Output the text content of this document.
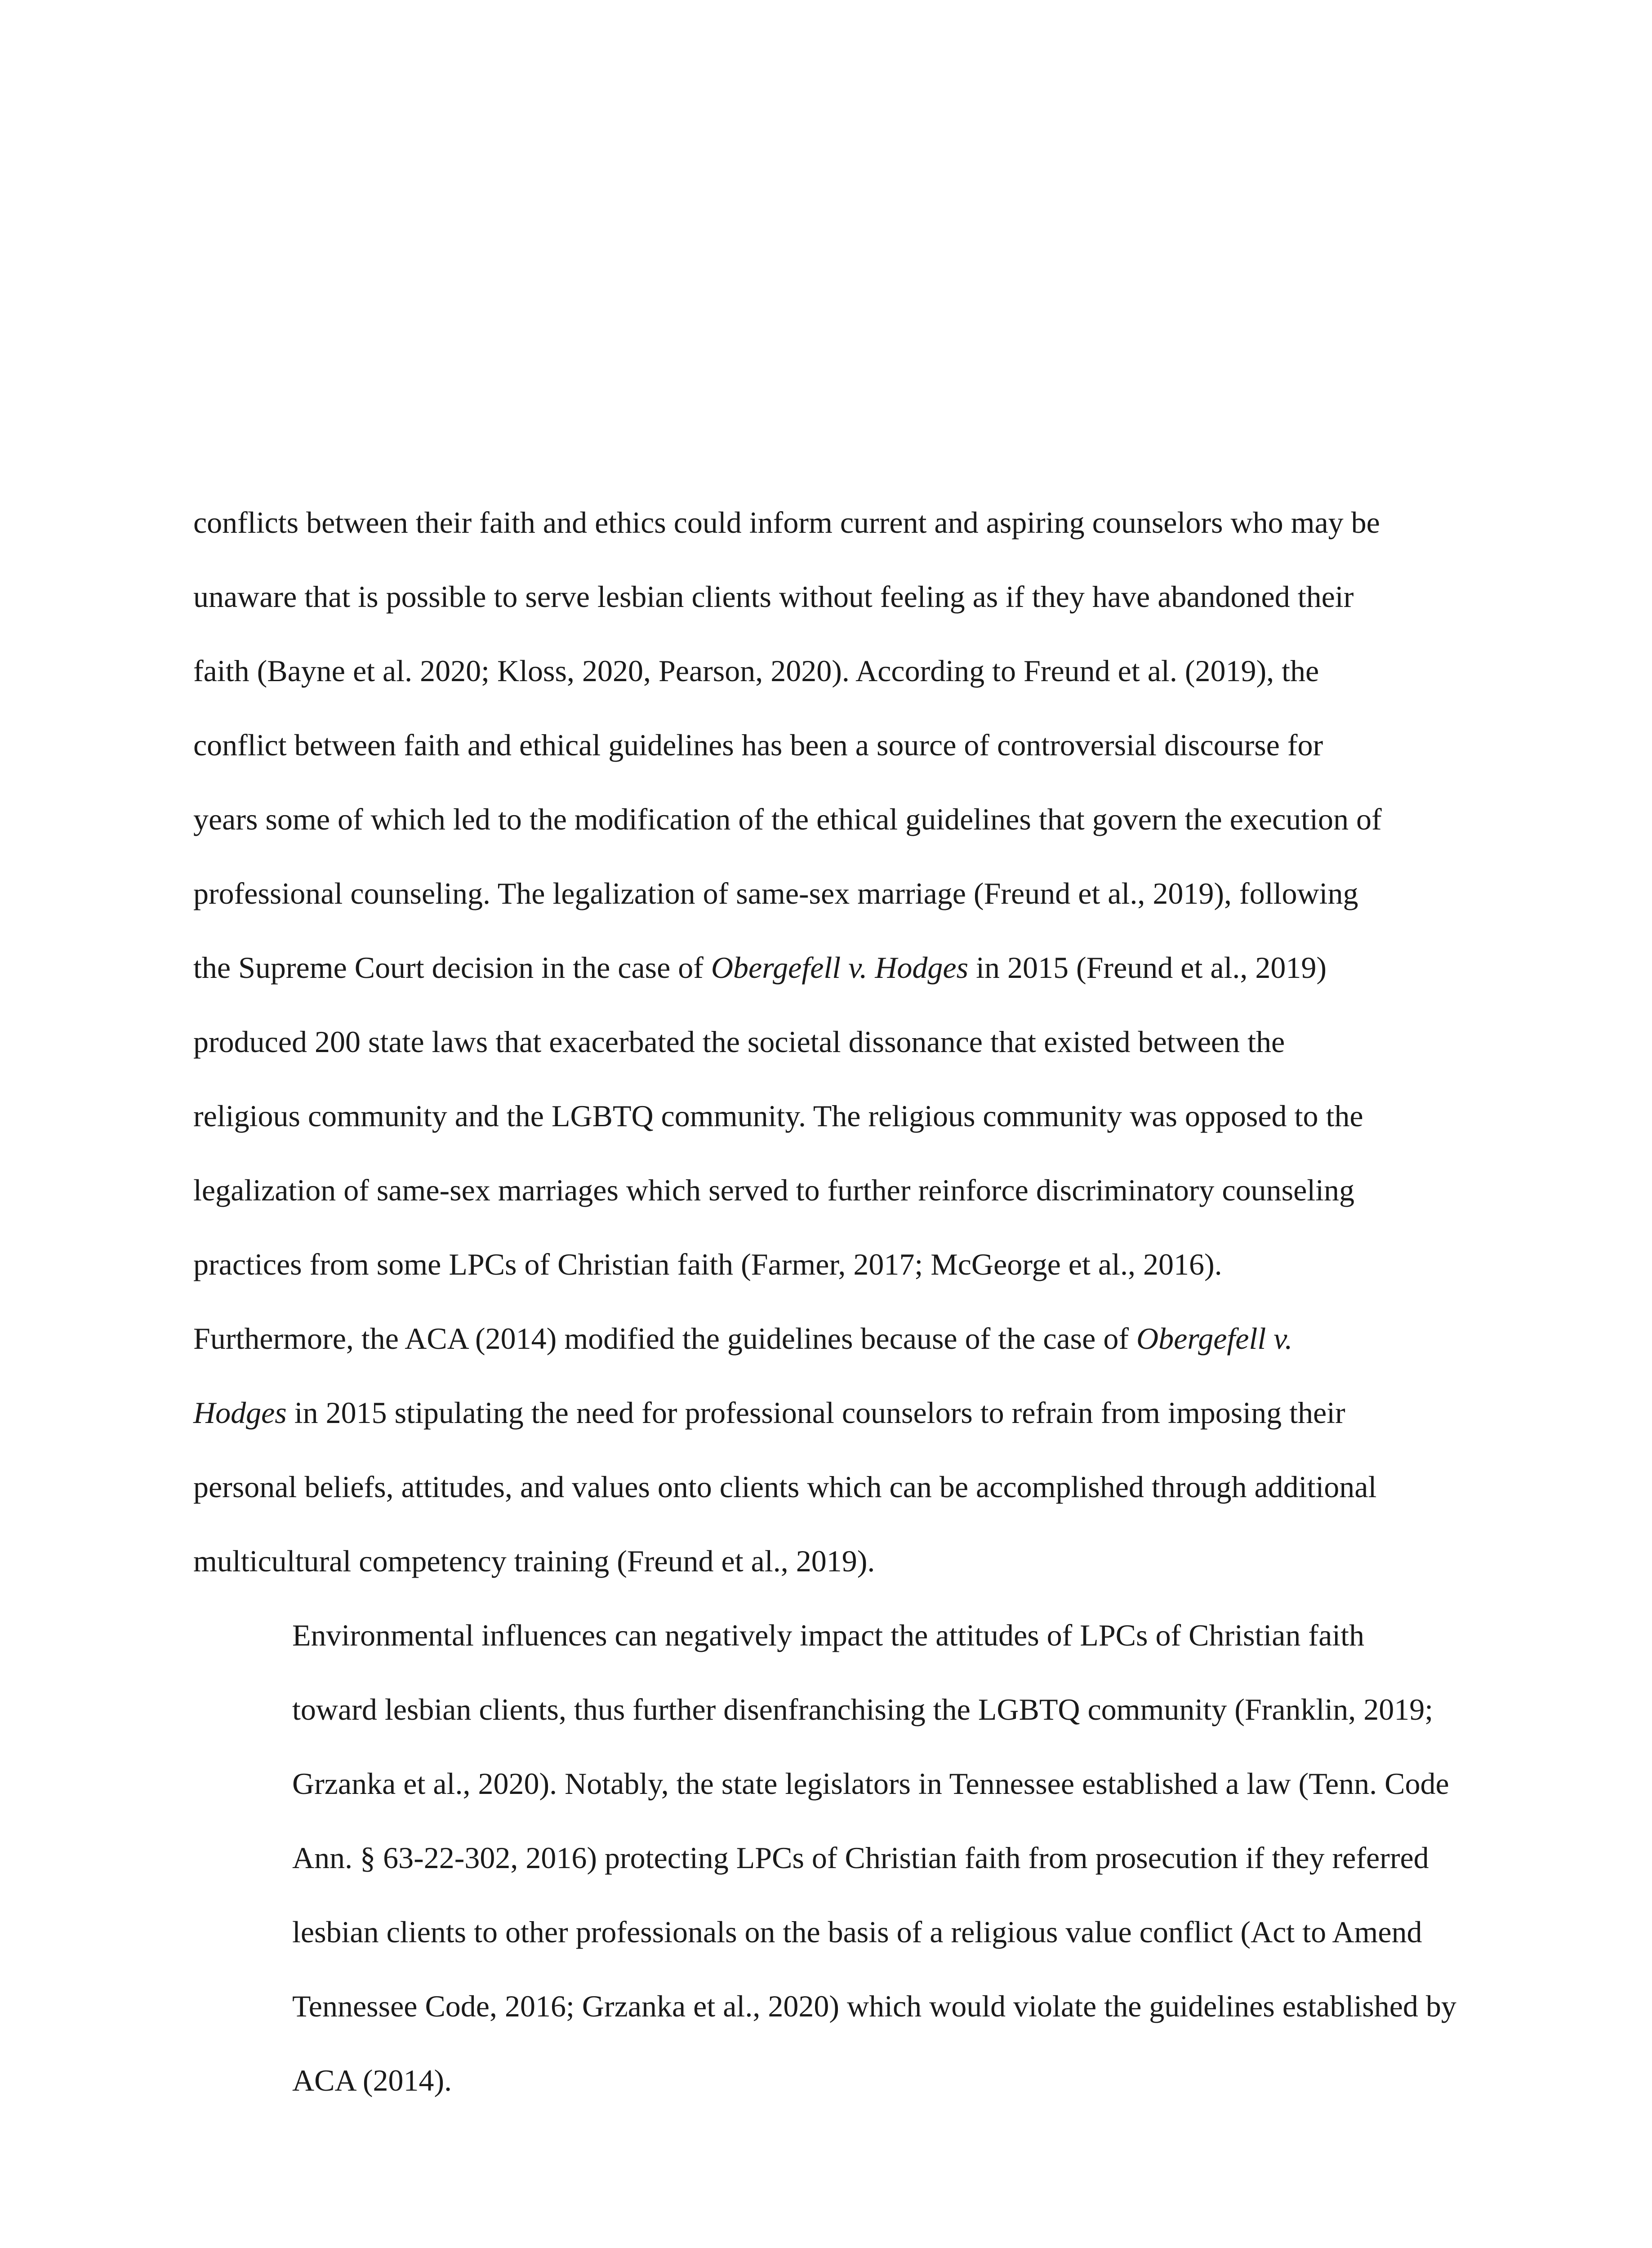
conflicts between their faith and ethics could inform current and aspiring counselors who may be
unaware that is possible to serve lesbian clients without feeling as if they have abandoned their
faith (Bayne et al. 2020; Kloss, 2020, Pearson, 2020). According to Freund et al. (2019), the
conflict between faith and ethical guidelines has been a source of controversial discourse for
years some of which led to the modification of the ethical guidelines that govern the execution of
professional counseling. The legalization of same-sex marriage (Freund et al., 2019), following
the Supreme Court decision in the case of Obergefell v. Hodges in 2015 (Freund et al., 2019)
produced 200 state laws that exacerbated the societal dissonance that existed between the
religious community and the LGBTQ community. The religious community was opposed to the
legalization of same-sex marriages which served to further reinforce discriminatory counseling
practices from some LPCs of Christian faith (Farmer, 2017; McGeorge et al., 2016).
Furthermore, the ACA (2014) modified the guidelines because of the case of Obergefell v.
Hodges in 2015 stipulating the need for professional counselors to refrain from imposing their
personal beliefs, attitudes, and values onto clients which can be accomplished through additional
multicultural competency training (Freund et al., 2019).

Environmental influences can negatively impact the attitudes of LPCs of Christian faith
toward lesbian clients, thus further disenfranchising the LGBTQ community (Franklin, 2019;
Grzanka et al., 2020). Notably, the state legislators in Tennessee established a law (Tenn. Code
Ann. § 63-22-302, 2016) protecting LPCs of Christian faith from prosecution if they referred
lesbian clients to other professionals on the basis of a religious value conflict (Act to Amend
Tennessee Code, 2016; Grzanka et al., 2020) which would violate the guidelines established by
ACA (2014).
